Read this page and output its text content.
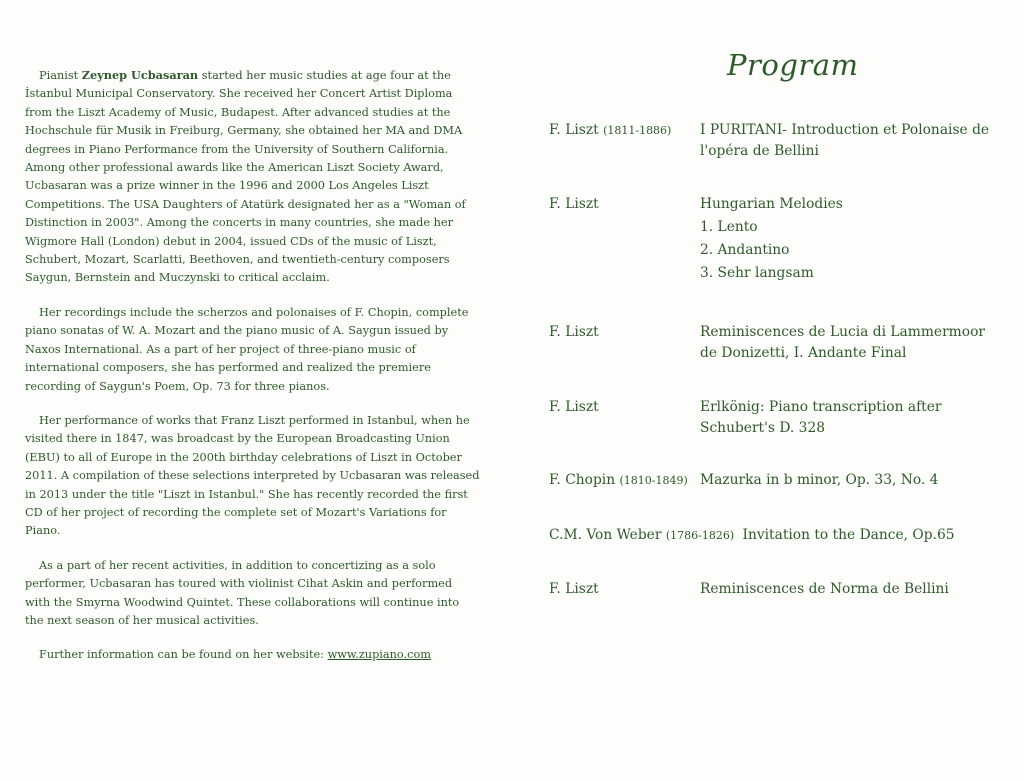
Pianist Zeynep Ucbasaran started her music studies at age four at the İstanbul Municipal Conservatory. She received her Concert Artist Diploma from the Liszt Academy of Music, Budapest. After advanced studies at the Hochschule für Musik in Freiburg, Germany, she obtained her MA and DMA degrees in Piano Performance from the University of Southern California. Among other professional awards like the American Liszt Society Award, Ucbasaran was a prize winner in the 1996 and 2000 Los Angeles Liszt Competitions. The USA Daughters of Atatürk designated her as a "Woman of Distinction in 2003". Among the concerts in many countries, she made her Wigmore Hall (London) debut in 2004, issued CDs of the music of Liszt, Schubert, Mozart, Scarlatti, Beethoven, and twentieth-century composers Saygun, Bernstein and Muczynski to critical acclaim.

Her recordings include the scherzos and polonaises of F. Chopin, complete piano sonatas of W. A. Mozart and the piano music of A. Saygun issued by Naxos International. As a part of her project of three-piano music of international composers, she has performed and realized the premiere recording of Saygun's Poem, Op. 73 for three pianos.

Her performance of works that Franz Liszt performed in Istanbul, when he visited there in 1847, was broadcast by the European Broadcasting Union (EBU) to all of Europe in the 200th birthday celebrations of Liszt in October 2011. A compilation of these selections interpreted by Ucbasaran was released in 2013 under the title "Liszt in Istanbul." She has recently recorded the first CD of her project of recording the complete set of Mozart's Variations for Piano.

As a part of her recent activities, in addition to concertizing as a solo performer, Ucbasaran has toured with violinist Cihat Askin and performed with the Smyrna Woodwind Quintet. These collaborations will continue into the next season of her musical activities.

Further information can be found on her website: www.zupiano.com

Program
F. Liszt (1811-1886) I PURITANI- Introduction et Polonaise de l'opéra de Bellini
F. Liszt	Hungarian Melodies
1. Lento
2. Andantino
3. Sehr langsam
F. Liszt	Reminiscences de Lucia di Lammermoor de Donizetti, I. Andante Final
F. Liszt	Erlkönig: Piano transcription after Schubert's D. 328
F. Chopin (1810-1849) Mazurka in b minor, Op. 33, No. 4
C.M. Von Weber (1786-1826) Invitation to the Dance, Op.65
F. Liszt	Reminiscences de Norma de Bellini
